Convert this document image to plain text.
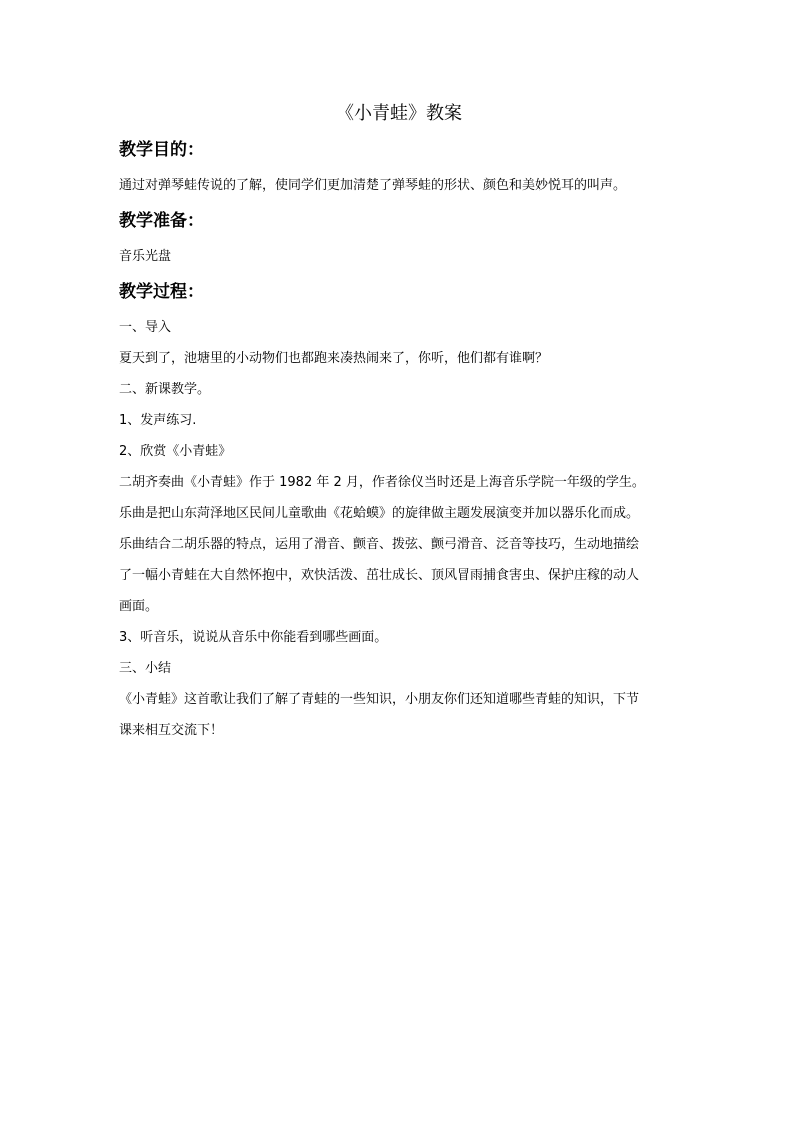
《小青蛙》教案
教学目的：

通过对弹琴蛙传说的了解，使同学们更加清楚了弹琴蛙的形状、颜色和美妙悦耳的叫声。

教学准备：

音乐光盘

教学过程：

一、导入

夏天到了，池塘里的小动物们也都跑来凑热闹来了，你听，他们都有谁啊？

二、新课教学。

1、发声练习.

2、欣赏《小青蛙》

二胡齐奏曲《小青蛙》作于 1982 年 2 月，作者徐仪当时还是上海音乐学院一年级的学生。

乐曲是把山东菏泽地区民间儿童歌曲《花蛤蟆》的旋律做主题发展演变并加以器乐化而成。

乐曲结合二胡乐器的特点，运用了滑音、颤音、拨弦、颤弓滑音、泛音等技巧，生动地描绘

了一幅小青蛙在大自然怀抱中，欢快活泼、茁壮成长、顶风冒雨捕食害虫、保护庄稼的动人

画面。

3、听音乐，说说从音乐中你能看到哪些画面。

三、小结

《小青蛙》这首歌让我们了解了青蛙的一些知识，小朋友你们还知道哪些青蛙的知识，下节

课来相互交流下！
